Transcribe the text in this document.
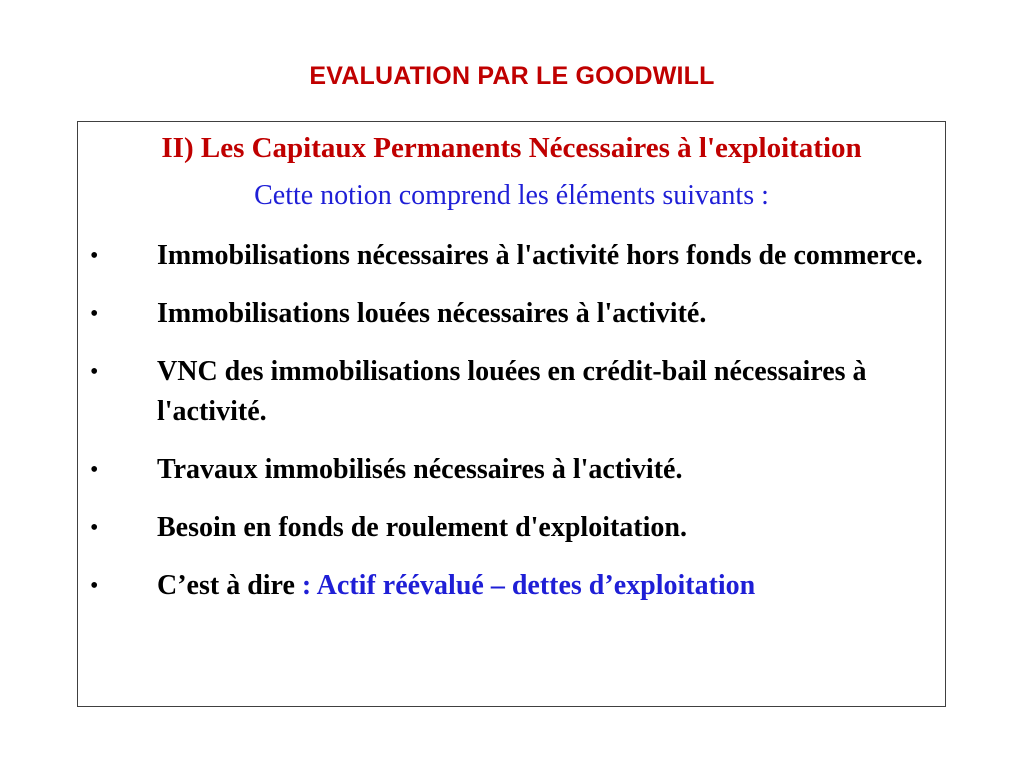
EVALUATION PAR LE GOODWILL
II) Les Capitaux Permanents Nécessaires à l'exploitation

Cette notion comprend les éléments suivants :

• Immobilisations nécessaires à l'activité hors fonds de commerce.
• Immobilisations louées nécessaires à l'activité.
• VNC des immobilisations louées en crédit-bail nécessaires à l'activité.
• Travaux immobilisés nécessaires à l'activité.
• Besoin en fonds de roulement d'exploitation.
• C’est à dire : Actif réévalué – dettes d’exploitation
